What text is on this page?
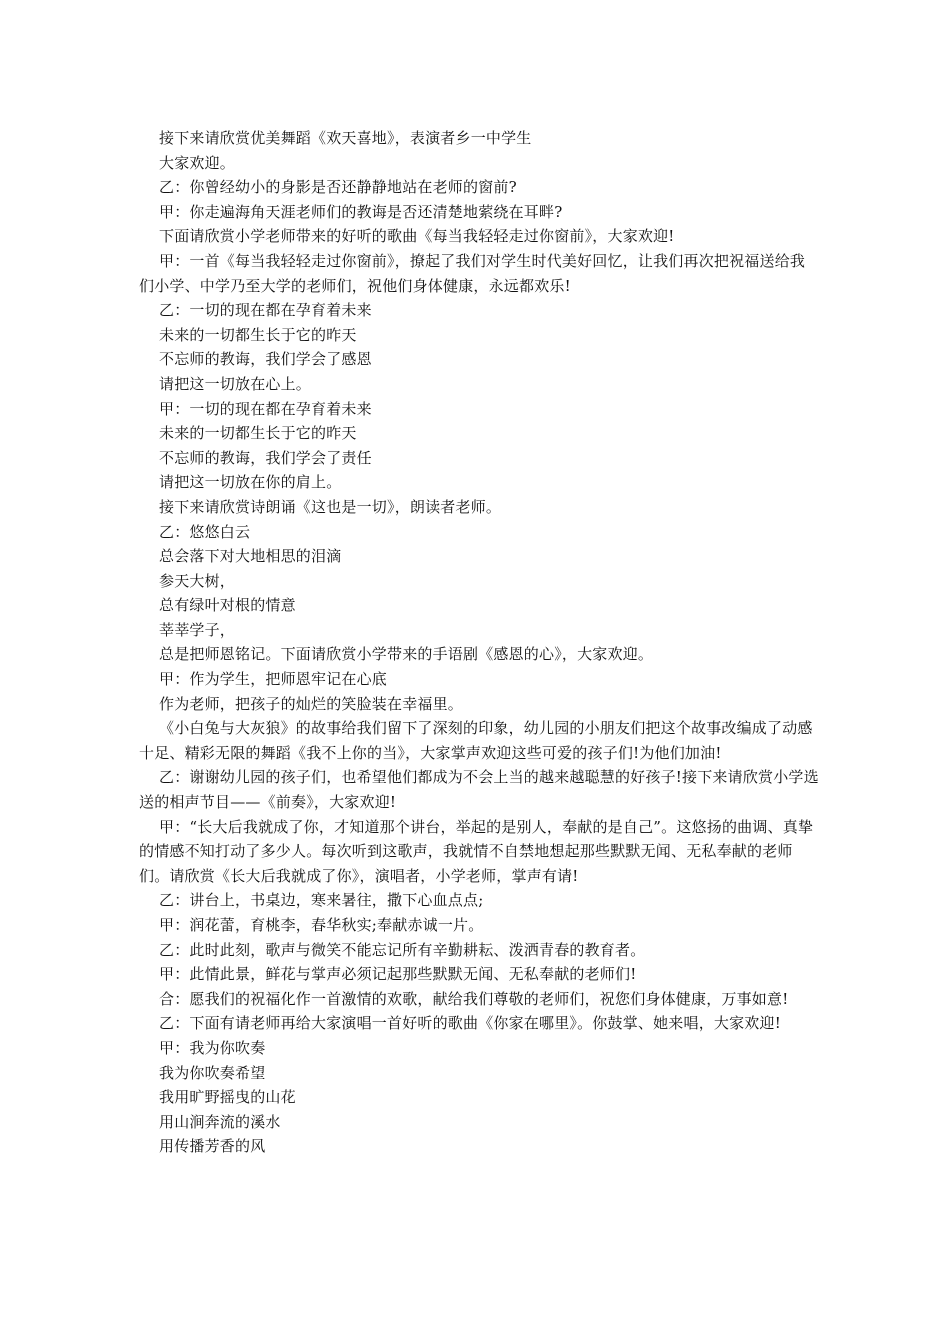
接下来请欣赏优美舞蹈《欢天喜地》，表演者乡一中学生

大家欢迎。

乙：你曾经幼小的身影是否还静静地站在老师的窗前?

甲：你走遍海角天涯老师们的教诲是否还清楚地萦绕在耳畔?

下面请欣赏小学老师带来的好听的歌曲《每当我轻轻走过你窗前》，大家欢迎!

甲：一首《每当我轻轻走过你窗前》，撩起了我们对学生时代美好回忆，让我们再次把祝福送给我们小学、中学乃至大学的老师们，祝他们身体健康，永远都欢乐!

乙：一切的现在都在孕育着未来

未来的一切都生长于它的昨天

不忘师的教诲，我们学会了感恩

请把这一切放在心上。

甲：一切的现在都在孕育着未来

未来的一切都生长于它的昨天

不忘师的教诲，我们学会了责任

请把这一切放在你的肩上。

接下来请欣赏诗朗诵《这也是一切》，朗读者老师。

乙：悠悠白云

总会落下对大地相思的泪滴

参天大树，

总有绿叶对根的情意

莘莘学子，

总是把师恩铭记。下面请欣赏小学带来的手语剧《感恩的心》，大家欢迎。

甲：作为学生，把师恩牢记在心底

作为老师，把孩子的灿烂的笑脸装在幸福里。

《小白兔与大灰狼》的故事给我们留下了深刻的印象，幼儿园的小朋友们把这个故事改编成了动感十足、精彩无限的舞蹈《我不上你的当》，大家掌声欢迎这些可爱的孩子们!为他们加油!

乙：谢谢幼儿园的孩子们，也希望他们都成为不会上当的越来越聪慧的好孩子!接下来请欣赏小学选送的相声节目——《前奏》，大家欢迎!

甲：“长大后我就成了你，才知道那个讲台，举起的是别人，奉献的是自己”。这悠扬的曲调、真挚的情感不知打动了多少人。每次听到这歌声，我就情不自禁地想起那些默默无闻、无私奉献的老师们。请欣赏《长大后我就成了你》，演唱者，小学老师，掌声有请!

乙：讲台上，书桌边，寒来暑往，撒下心血点点;

甲：润花蕾，育桃李，春华秋实;奉献赤诚一片。

乙：此时此刻，歌声与微笑不能忘记所有辛勤耕耘、泼洒青春的教育者。

甲：此情此景，鲜花与掌声必须记起那些默默无闻、无私奉献的老师们!

合：愿我们的祝福化作一首激情的欢歌，献给我们尊敬的老师们，祝您们身体健康，万事如意!

乙：下面有请老师再给大家演唱一首好听的歌曲《你家在哪里》。你鼓掌、她来唱，大家欢迎!

甲：我为你吹奏

我为你吹奏希望

我用旷野摇曳的山花

用山涧奔流的溪水

用传播芳香的风
